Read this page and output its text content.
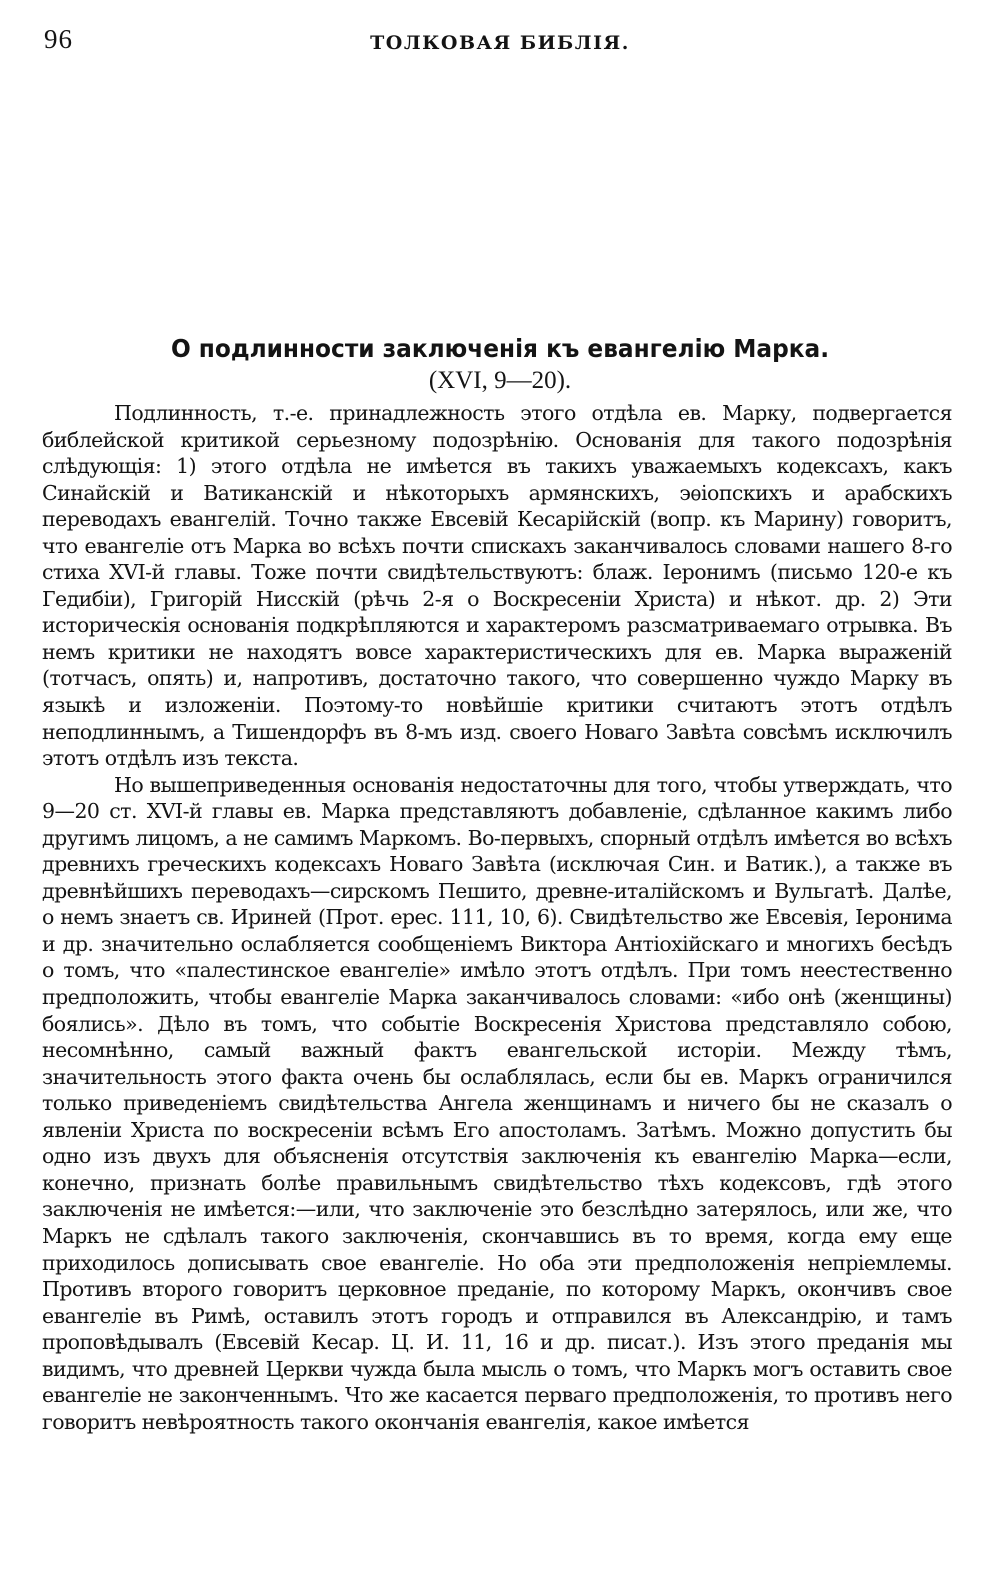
96	ТОЛКОВАЯ БИБЛIЯ.
О подлинности заключенiя къ евангелiю Марка.
(XVI, 9—20).

Подлинность, т.-е. принадлежность этого отдѣла ев. Марку, подвергается библейской критикой серьезному подозрѣнiю. Основанiя для такого подозрѣнiя слѣдующiя: 1) этого отдѣла не имѣется въ такихъ уважаемыхъ кодексахъ, какъ Синайскiй и Ватиканскiй и нѣкоторыхъ армянскихъ, эѳiопскихъ и арабскихъ переводахъ евангелiй. Точно также Евсевiй Кесарiйскiй (вопр. къ Марину) говоритъ, что евангелiе отъ Марка во всѣхъ почти спискахъ заканчивалось словами нашего 8-го стиха XVI-й главы. Тоже почти свидѣтельствуютъ: блаж. Iеронимъ (письмо 120-е къ Гедибiи), Григорiй Нисскiй (рѣчь 2-я о Воскресенiи Христа) и нѣкот. др. 2) Эти историческiя основанiя подкрѣпляются и характеромъ разсматриваемаго отрывка. Въ немъ критики не находятъ вовсе характеристическихъ для ев. Марка выраженiй (тотчасъ, опять) и, напротивъ, достаточно такого, что совершенно чуждо Марку въ языкѣ и изложенiи. Поэтому-то новѣйшiе критики считаютъ этотъ отдѣлъ неподлиннымъ, а Тишендорфъ въ 8-мъ изд. своего Новаго Завѣта совсѣмъ исключилъ этотъ отдѣлъ изъ текста.

Но вышеприведенныя основанiя недостаточны для того, чтобы утверждать, что 9—20 ст. XVI-й главы ев. Марка представляютъ добавленiе, сдѣланное какимъ либо другимъ лицомъ, а не самимъ Маркомъ. Во-первыхъ, спорный отдѣлъ имѣется во всѣхъ древнихъ греческихъ кодексахъ Новаго Завѣта (исключая Син. и Ватик.), а также въ древнѣйшихъ переводахъ—сирскомъ Пешито, древне-италiйскомъ и Вульгатѣ. Далѣе, о немъ знаетъ св. Ириней (Прот. ерес. 111, 10, 6). Свидѣтельство же Евсевiя, Iеронима и др. значительно ослабляется сообщенiемъ Виктора Антiохiйскаго и многихъ бесѣдъ о томъ, что «палестинское евангелiе» имѣло этотъ отдѣлъ. При томъ неестественно предположить, чтобы евангелiе Марка заканчивалось словами: «ибо онѣ (женщины) боялись». Дѣло въ томъ, что событiе Воскресенiя Христова представляло собою, несомнѣнно, самый важный фактъ евангельской исторiи. Между тѣмъ, значительность этого факта очень бы ослаблялась, если бы ев. Маркъ ограничился только приведенiемъ свидѣтельства Ангела женщинамъ и ничего бы не сказалъ о явленiи Христа по воскресенiи всѣмъ Его апостоламъ. Затѣмъ. Можно допустить бы одно изъ двухъ для объясненiя отсутствiя заключенiя къ евангелiю Марка—если, конечно, признать болѣе правильнымъ свидѣтельство тѣхъ кодексовъ, гдѣ этого заключенiя не имѣется:—или, что заключенiе это безслѣдно затерялось, или же, что Маркъ не сдѣлалъ такого заключенiя, скончавшись въ то время, когда ему еще приходилось дописывать свое евангелiе. Но оба эти предположенiя непрiемлемы. Противъ второго говоритъ церковное преданiе, по которому Маркъ, окончивъ свое евангелiе въ Римѣ, оставилъ этотъ городъ и отправился въ Александрiю, и тамъ проповѣдывалъ (Евсевiй Кесар. Ц. И. 11, 16 и др. писат.). Изъ этого преданiя мы видимъ, что древней Церкви чужда была мысль о томъ, что Маркъ могъ оставить свое евангелiе не законченнымъ. Что же касается перваго предположенiя, то противъ него говоритъ невѣроятность такого окончанiя евангелiя, какое имѣется
